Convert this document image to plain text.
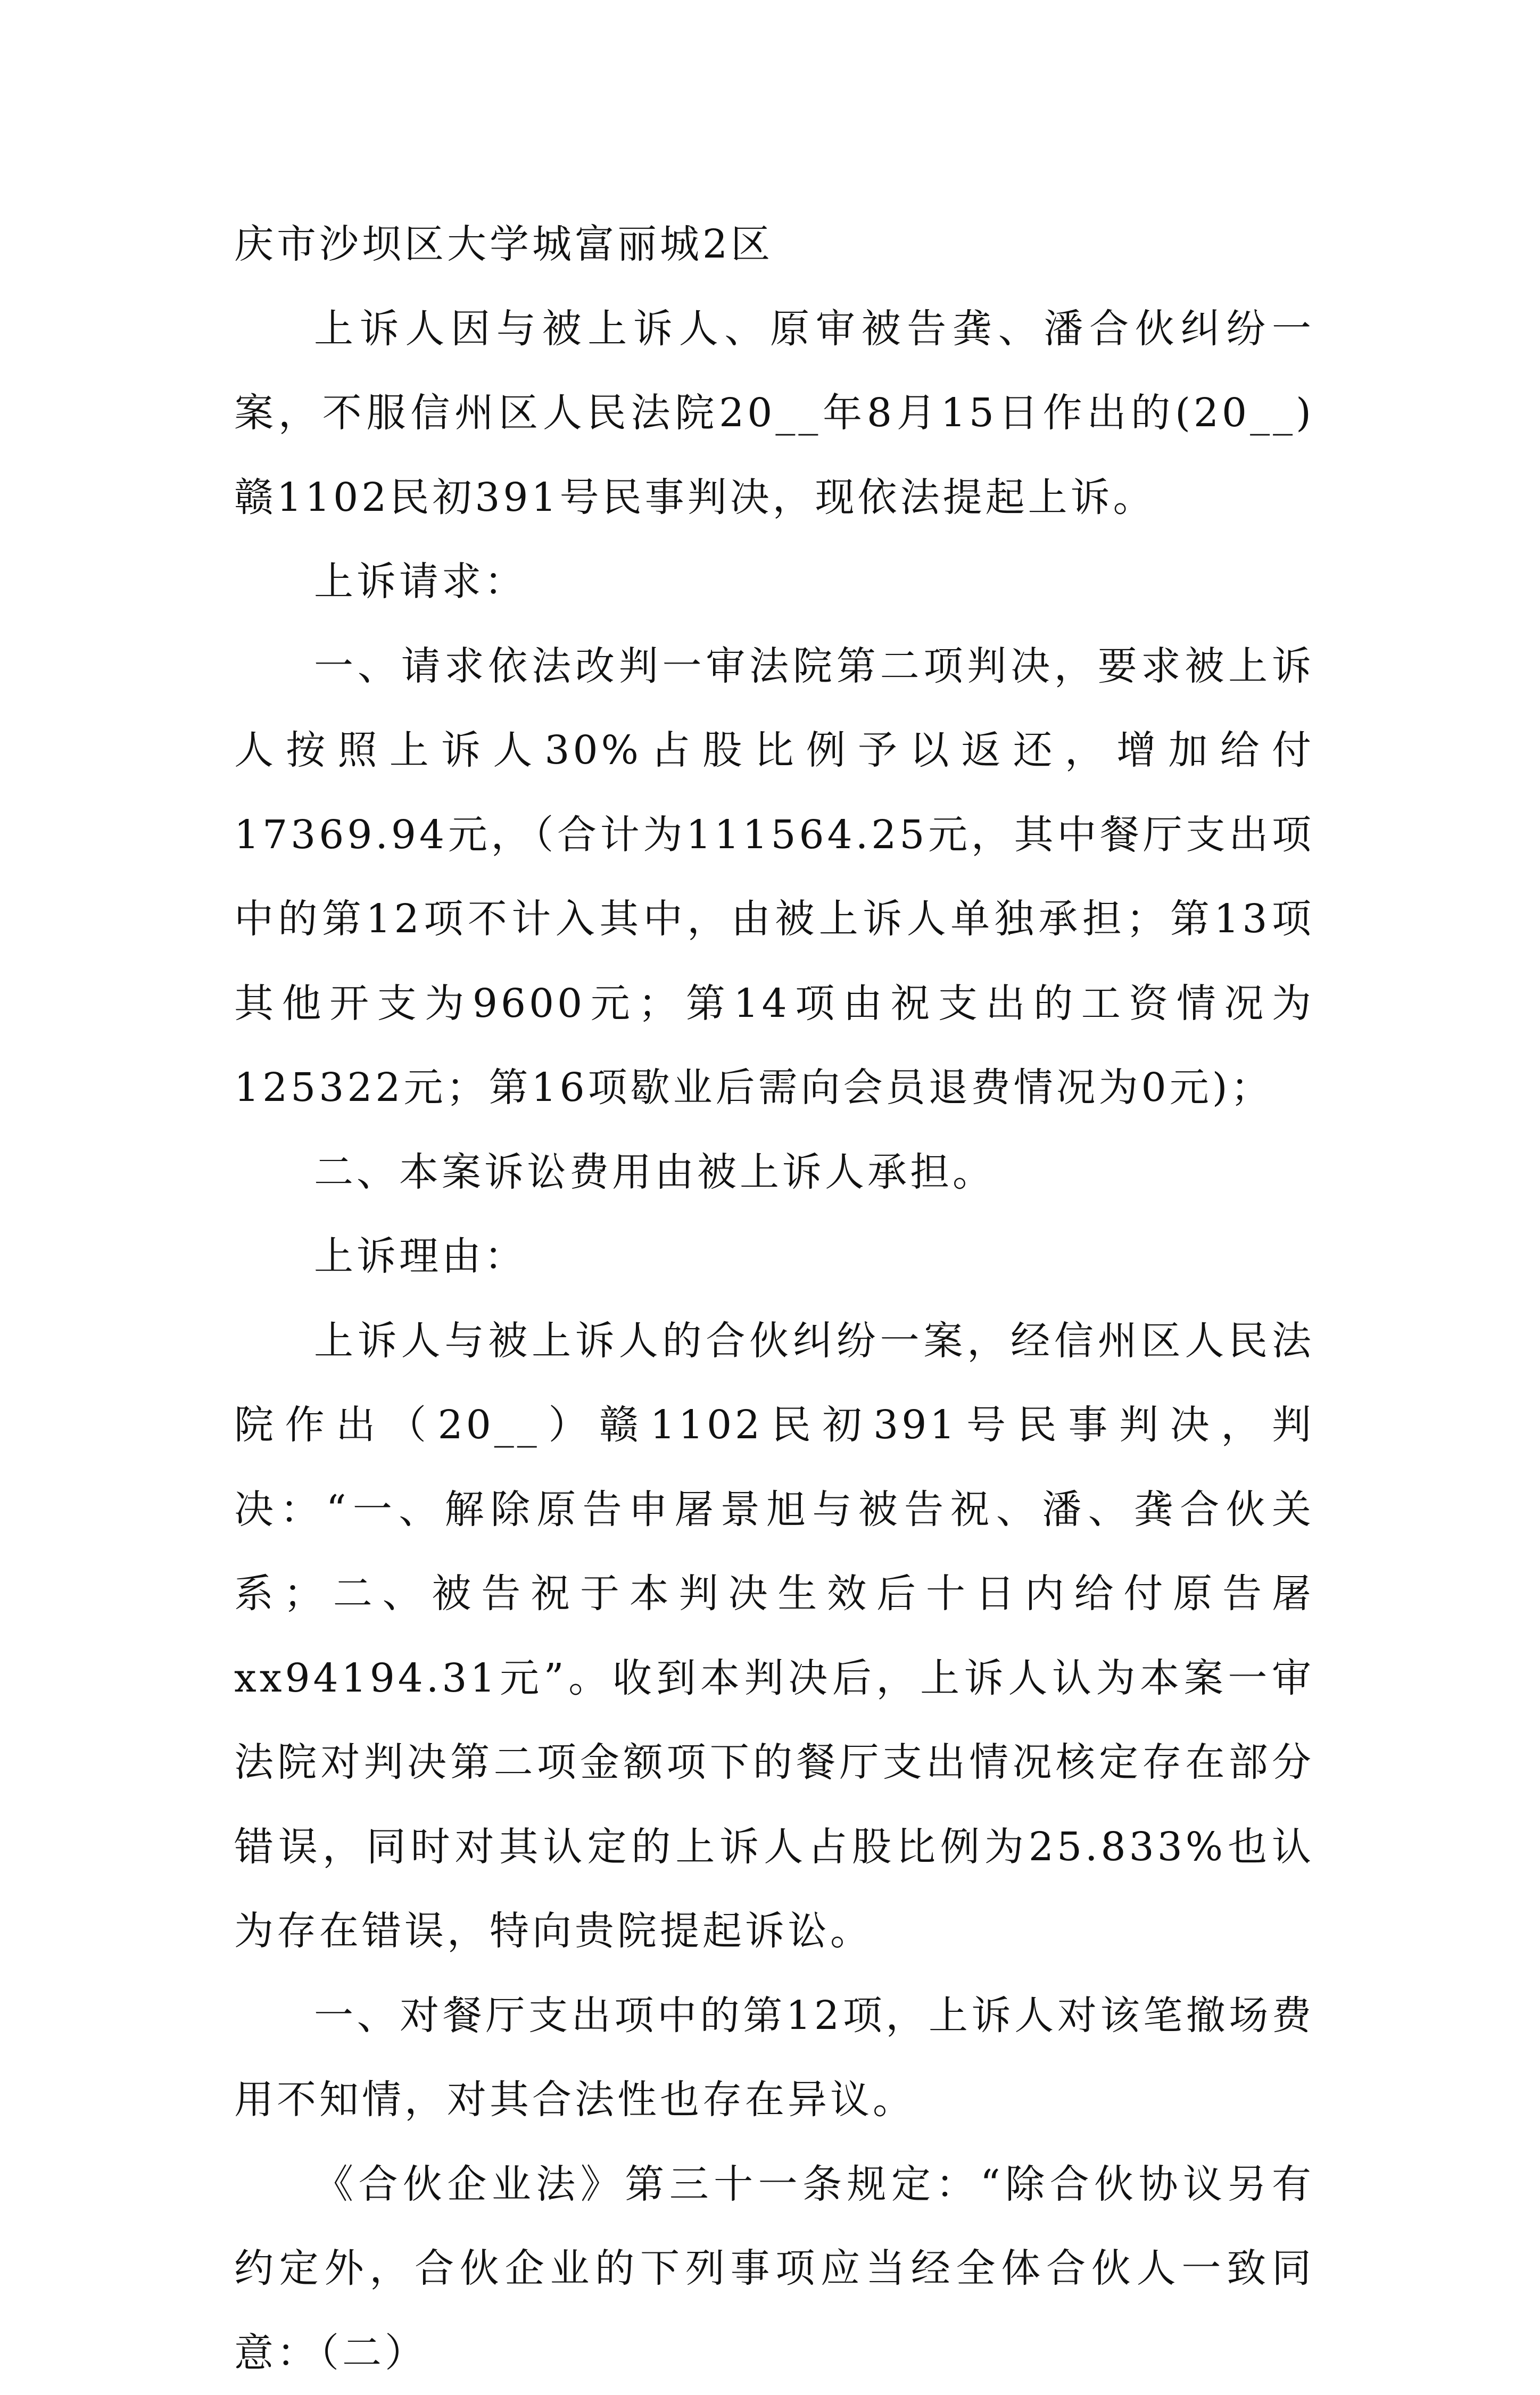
庆市沙坝区大学城富丽城2区

上诉人因与被上诉人、原审被告龚、潘合伙纠纷一案，不服信州区人民法院20__年8月15日作出的(20__)赣1102民初391号民事判决，现依法提起上诉。

上诉请求：

一、请求依法改判一审法院第二项判决，要求被上诉人按照上诉人30%占股比例予以返还，增加给付17369.94元，（合计为111564.25元，其中餐厅支出项中的第12项不计入其中，由被上诉人单独承担；第13项其他开支为9600元；第14项由祝支出的工资情况为125322元；第16项歇业后需向会员退费情况为0元)；

二、本案诉讼费用由被上诉人承担。

上诉理由：

上诉人与被上诉人的合伙纠纷一案，经信州区人民法院作出（20__）赣1102民初391号民事判决，判决：“一、解除原告申屠景旭与被告祝、潘、龚合伙关系；二、被告祝于本判决生效后十日内给付原告屠xx94194.31元”。收到本判决后，上诉人认为本案一审法院对判决第二项金额项下的餐厅支出情况核定存在部分错误，同时对其认定的上诉人占股比例为25.833%也认为存在错误，特向贵院提起诉讼。

一、对餐厅支出项中的第12项，上诉人对该笔撤场费用不知情，对其合法性也存在异议。

《合伙企业法》第三十一条规定：“除合伙协议另有约定外，合伙企业的下列事项应当经全体合伙人一致同意：（二）
